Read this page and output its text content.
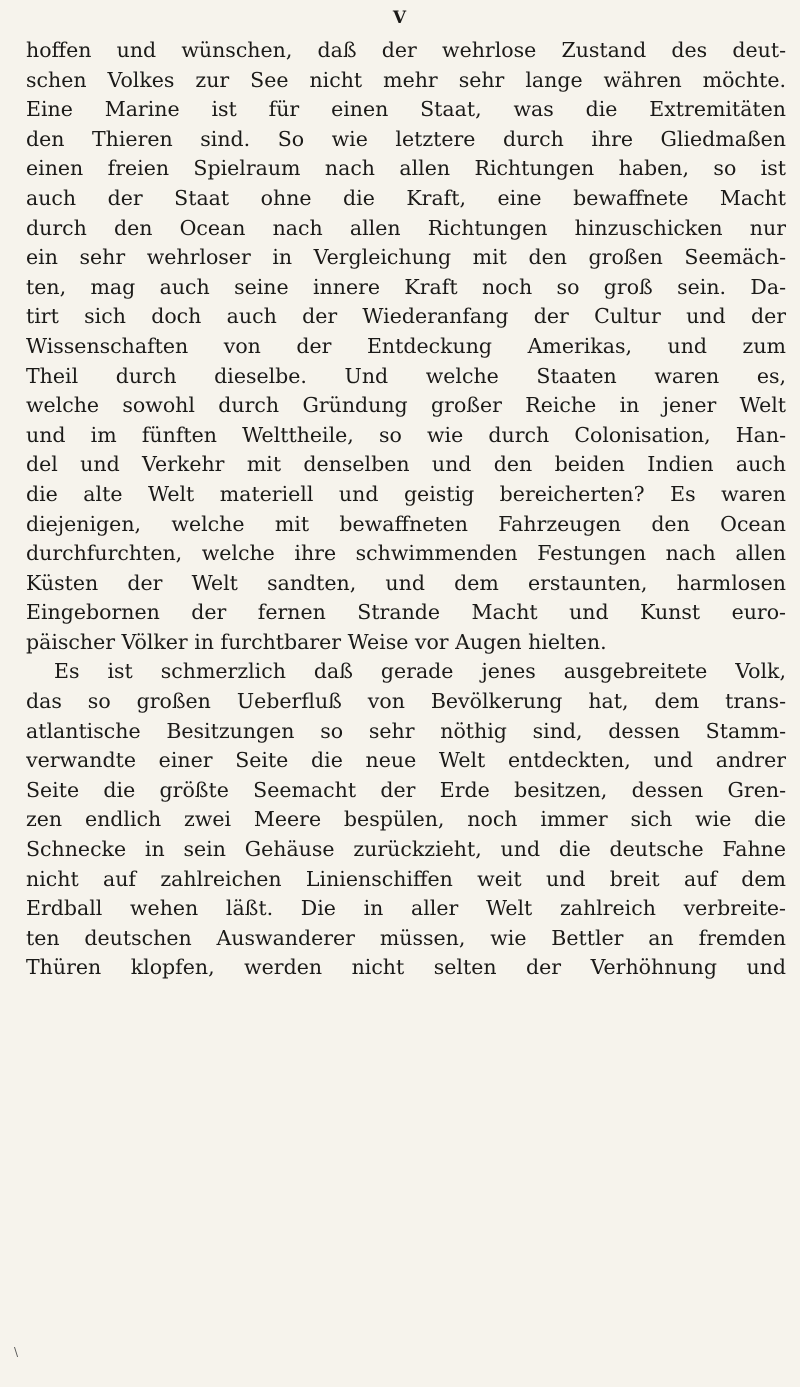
V
hoffen und wünschen, daß der wehrlose Zustand des deut-
schen Volkes zur See nicht mehr sehr lange währen möchte.
Eine Marine ist für einen Staat, was die Extremitäten
den Thieren sind. So wie letztere durch ihre Gliedmaßen
einen freien Spielraum nach allen Richtungen haben, so ist
auch der Staat ohne die Kraft, eine bewaffnete Macht
durch den Ocean nach allen Richtungen hinzuschicken nur
ein sehr wehrloser in Vergleichung mit den großen Seemäch-
ten, mag auch seine innere Kraft noch so groß sein. Da-
tirt sich doch auch der Wiederanfang der Cultur und der
Wissenschaften von der Entdeckung Amerikas, und zum
Theil durch dieselbe. Und welche Staaten waren es,
welche sowohl durch Gründung großer Reiche in jener Welt
und im fünften Welttheile, so wie durch Colonisation, Han-
del und Verkehr mit denselben und den beiden Indien auch
die alte Welt materiell und geistig bereicherten? Es waren
diejenigen, welche mit bewaffneten Fahrzeugen den Ocean
durchfurchten, welche ihre schwimmenden Festungen nach allen
Küsten der Welt sandten, und dem erstaunten, harmlosen
Eingebornen der fernen Strande Macht und Kunst euro-
päischer Völker in furchtbarer Weise vor Augen hielten.
Es ist schmerzlich daß gerade jenes ausgebreitete Volk,
das so großen Ueberfluß von Bevölkerung hat, dem trans-
atlantische Besitzungen so sehr nöthig sind, dessen Stamm-
verwandte einer Seite die neue Welt entdeckten, und andrer
Seite die größte Seemacht der Erde besitzen, dessen Gren-
zen endlich zwei Meere bespülen, noch immer sich wie die
Schnecke in sein Gehäuse zurückzieht, und die deutsche Fahne
nicht auf zahlreichen Linienschiffen weit und breit auf dem
Erdball wehen läßt. Die in aller Welt zahlreich verbreite-
ten deutschen Auswanderer müssen, wie Bettler an fremden
Thüren klopfen, werden nicht selten der Verhöhnung und
\
